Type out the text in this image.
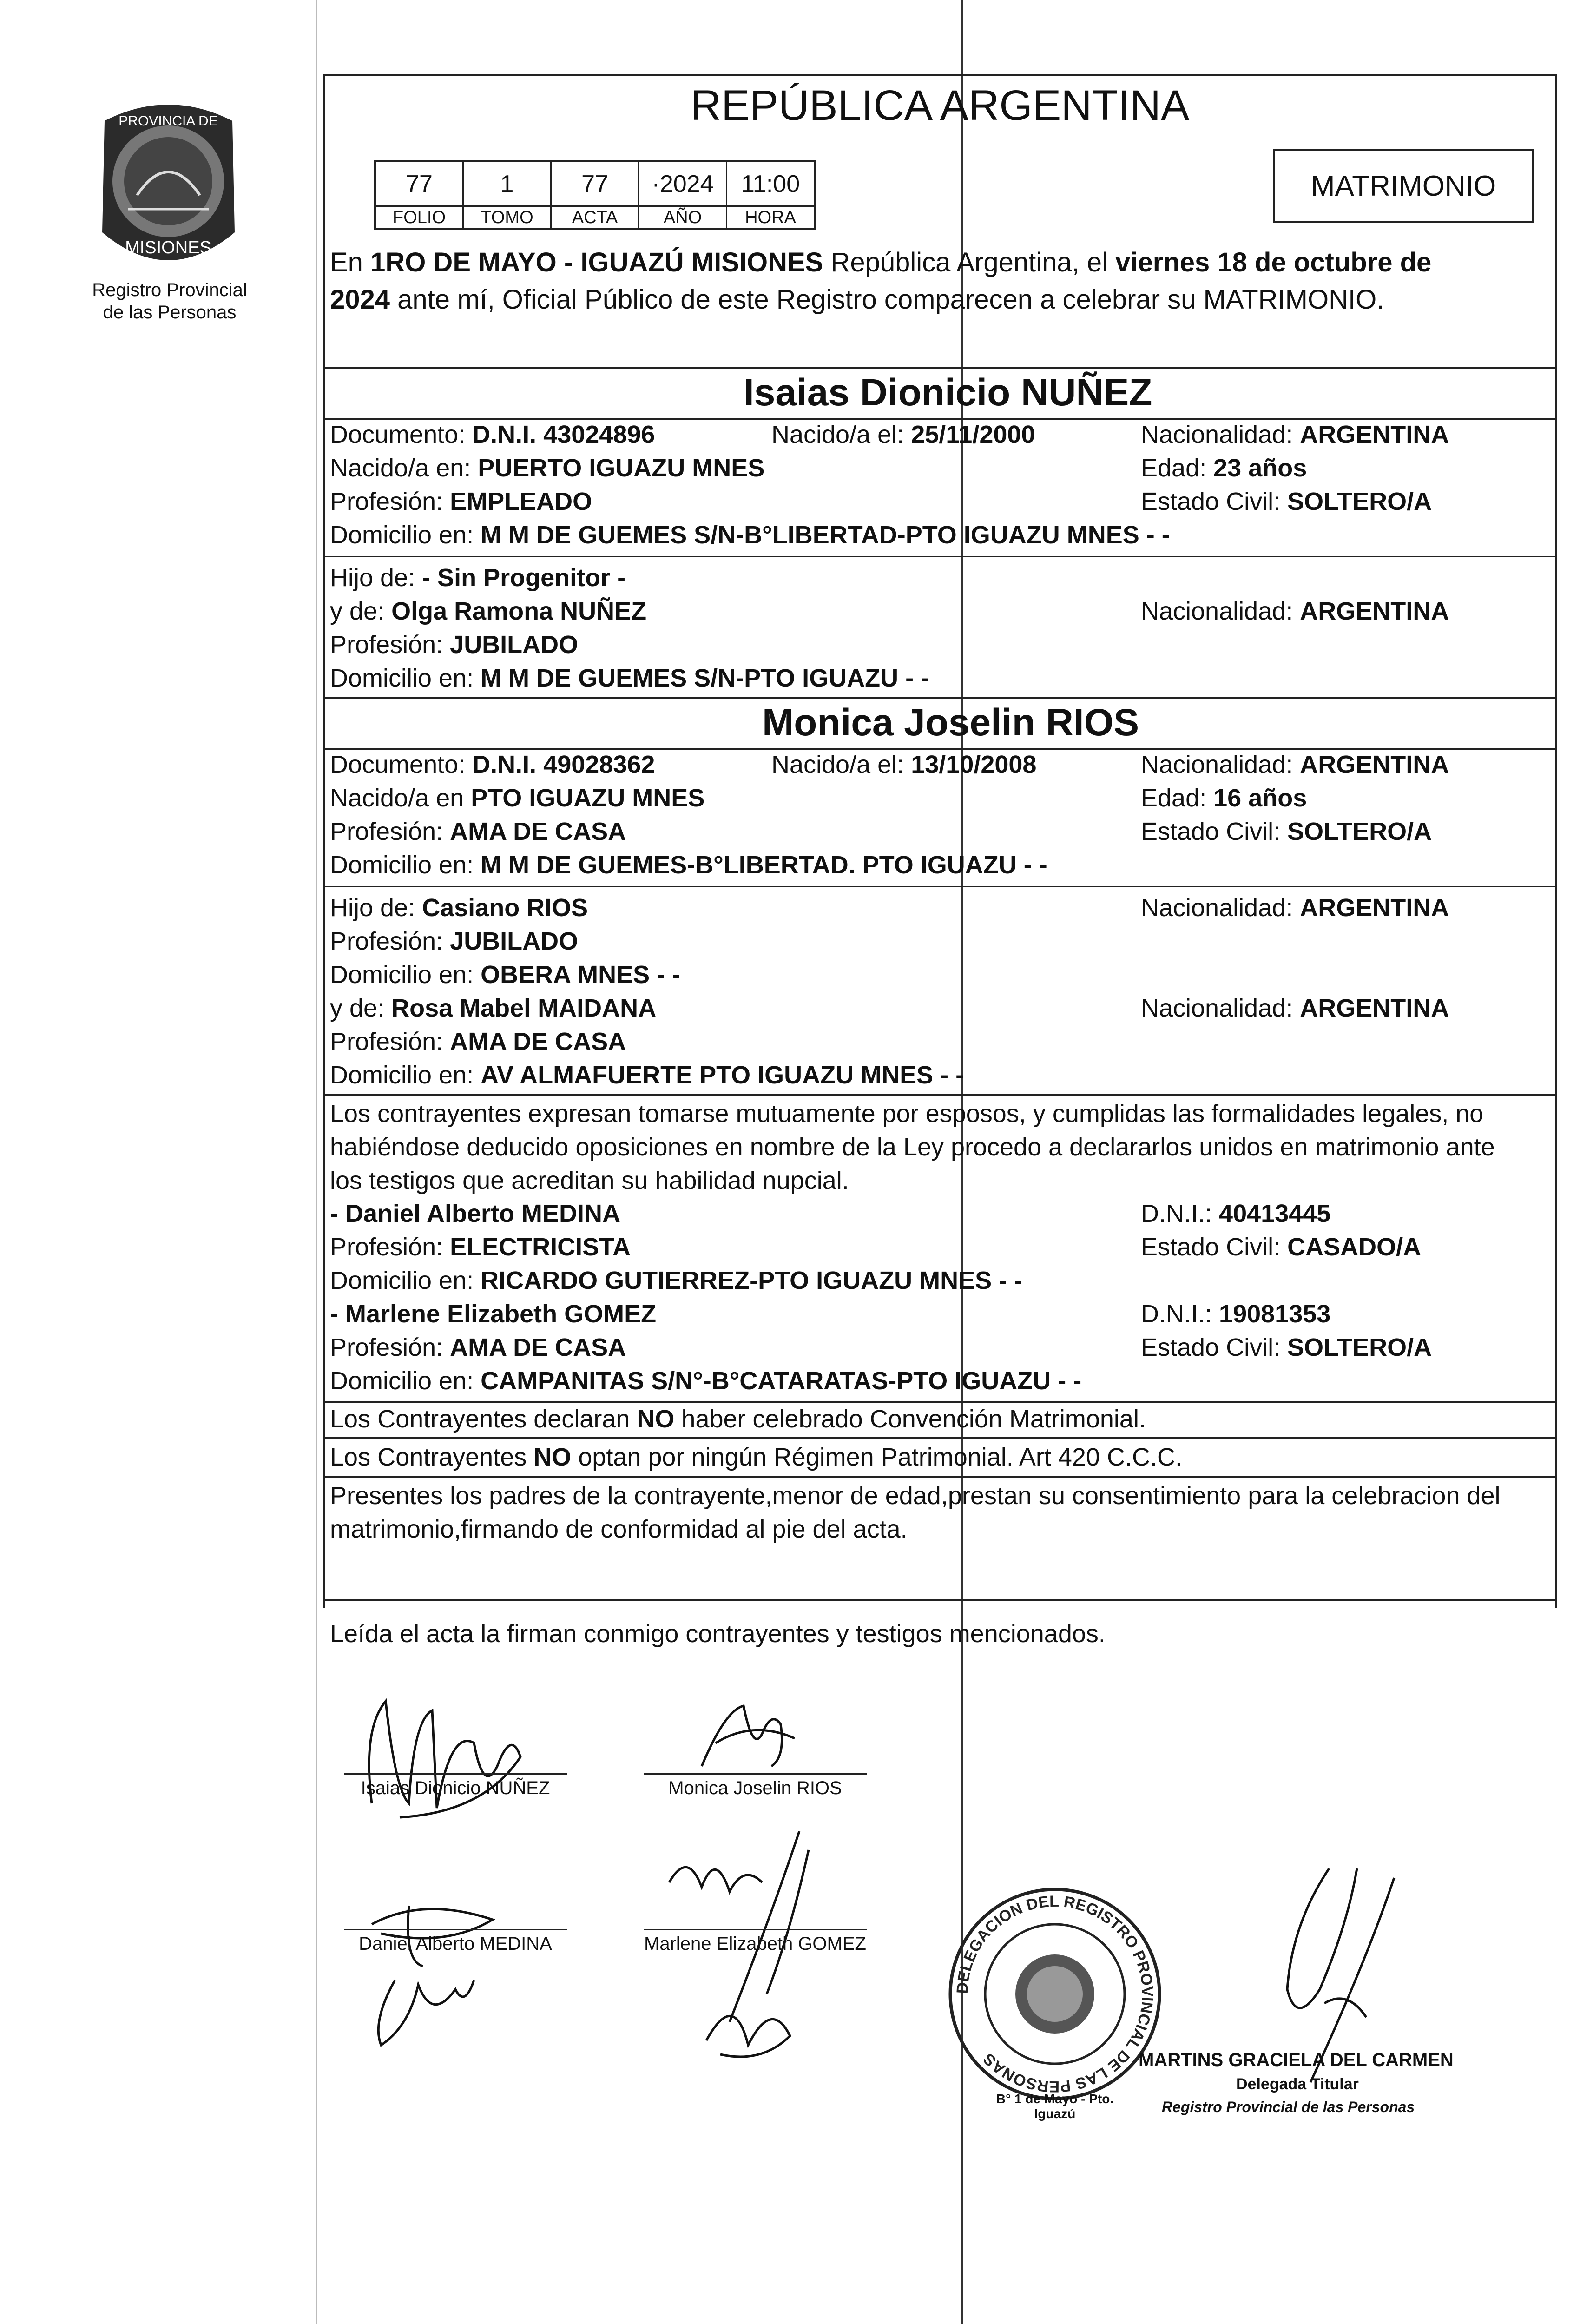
PROVINCIA DE
MISIONES
Registro Provincial
de las Personas
REPÚBLICA ARGENTINA
77
FOLIO
1
TOMO
77
ACTA
·2024
AÑO
11:00
HORA
MATRIMONIO
En 1RO DE MAYO - IGUAZÚ MISIONES República Argentina, el viernes 18 de octubre de
2024 ante mí, Oficial Público de este Registro comparecen a celebrar su MATRIMONIO.
Isaias Dionicio NUÑEZ
Documento: D.N.I. 43024896	Nacido/a el: 25/11/2000	Nacionalidad: ARGENTINA
Nacido/a en: PUERTO IGUAZU MNES	Edad: 23 años
Profesión: EMPLEADO	Estado Civil: SOLTERO/A
Domicilio en: M M DE GUEMES S/N-B°LIBERTAD-PTO IGUAZU MNES - -
Hijo de: - Sin Progenitor -
y de: Olga Ramona NUÑEZ	Nacionalidad: ARGENTINA
Profesión: JUBILADO
Domicilio en: M M DE GUEMES S/N-PTO IGUAZU - -
Monica Joselin RIOS
Documento: D.N.I. 49028362	Nacido/a el: 13/10/2008	Nacionalidad: ARGENTINA
Nacido/a en PTO IGUAZU MNES	Edad: 16 años
Profesión: AMA DE CASA	Estado Civil: SOLTERO/A
Domicilio en: M M DE GUEMES-B°LIBERTAD. PTO IGUAZU - -
Hijo de: Casiano RIOS	Nacionalidad: ARGENTINA
Profesión: JUBILADO
Domicilio en: OBERA MNES - -
y de: Rosa Mabel MAIDANA	Nacionalidad: ARGENTINA
Profesión: AMA DE CASA
Domicilio en: AV ALMAFUERTE PTO IGUAZU MNES - -
Los contrayentes expresan tomarse mutuamente por esposos, y cumplidas las formalidades legales, no
habiéndose deducido oposiciones en nombre de la Ley procedo a declararlos unidos en matrimonio ante
los testigos que acreditan su habilidad nupcial.
- Daniel Alberto MEDINA	D.N.I.: 40413445
Profesión: ELECTRICISTA	Estado Civil: CASADO/A
Domicilio en: RICARDO GUTIERREZ-PTO IGUAZU MNES - -
- Marlene Elizabeth GOMEZ	D.N.I.: 19081353
Profesión: AMA DE CASA	Estado Civil: SOLTERO/A
Domicilio en: CAMPANITAS S/N°-B°CATARATAS-PTO IGUAZU - -
Los Contrayentes declaran NO haber celebrado Convención Matrimonial.
Los Contrayentes NO optan por ningún Régimen Patrimonial. Art 420 C.C.C.
Presentes los padres de la contrayente,menor de edad,prestan su consentimiento para la celebracion del
matrimonio,firmando de conformidad al pie del acta.
Leída el acta la firman conmigo contrayentes y testigos mencionados.
Isaias Dionicio NUÑEZ	Monica Joselin RIOS
Daniel Alberto MEDINA	Marlene Elizabeth GOMEZ
DELEGACION DEL REGISTRO PROVINCIAL DE LAS PERSONAS
B° 1 de Mayo - Pto. Iguazú
MARTINS GRACIELA DEL CARMEN
Delegada Titular
Registro Provincial de las Personas
